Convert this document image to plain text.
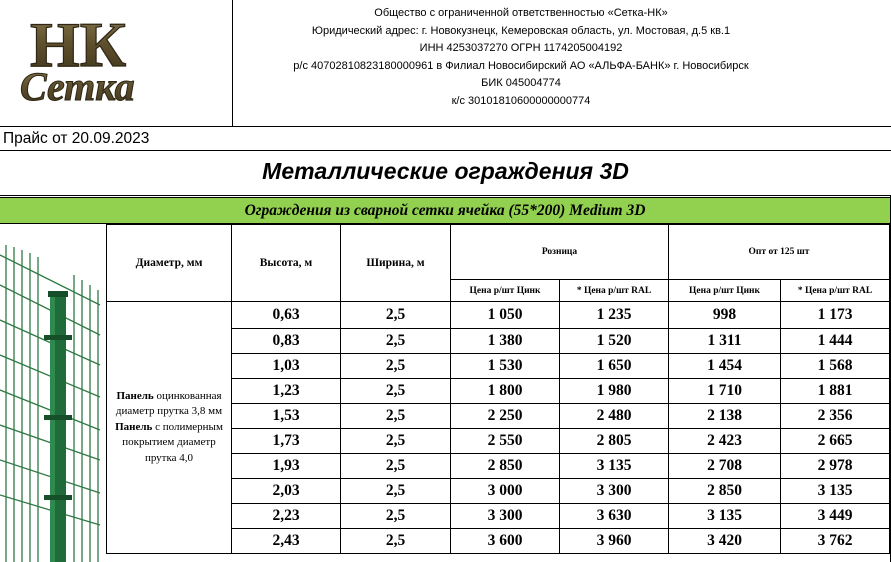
НК
Сетка
Общество с ограниченной ответственностью «Сетка-НК»
Юридический адрес: г. Новокузнецк, Кемеровская область, ул. Мостовая, д.5 кв.1
ИНН 4253037270 ОГРН 1174205004192
р/с 40702810823180000961 в Филиал Новосибирский АО «АЛЬФА-БАНК» г. Новосибирск
БИК 045004774
к/с 30101810600000000774
Прайс от 20.09.2023
Металлические ограждения 3D
Ограждения из сварной сетки ячейка (55*200) Medium 3D
Диаметр, мм	Высота, м	Ширина, м	Розница		Опт от 125 шт	
			Цена р/шт Цинк	* Цена р/шт RAL	Цена р/шт Цинк	* Цена р/шт RAL
Панель оцинкованная диаметр прутка 3,8 мм Панель с полимерным покрытием диаметр прутка 4,0	0,63	2,5	1 050	1 235	998	1 173
	0,83	2,5	1 380	1 520	1 311	1 444
	1,03	2,5	1 530	1 650	1 454	1 568
	1,23	2,5	1 800	1 980	1 710	1 881
	1,53	2,5	2 250	2 480	2 138	2 356
	1,73	2,5	2 550	2 805	2 423	2 665
	1,93	2,5	2 850	3 135	2 708	2 978
	2,03	2,5	3 000	3 300	2 850	3 135
	2,23	2,5	3 300	3 630	3 135	3 449
	2,43	2,5	3 600	3 960	3 420	3 762
